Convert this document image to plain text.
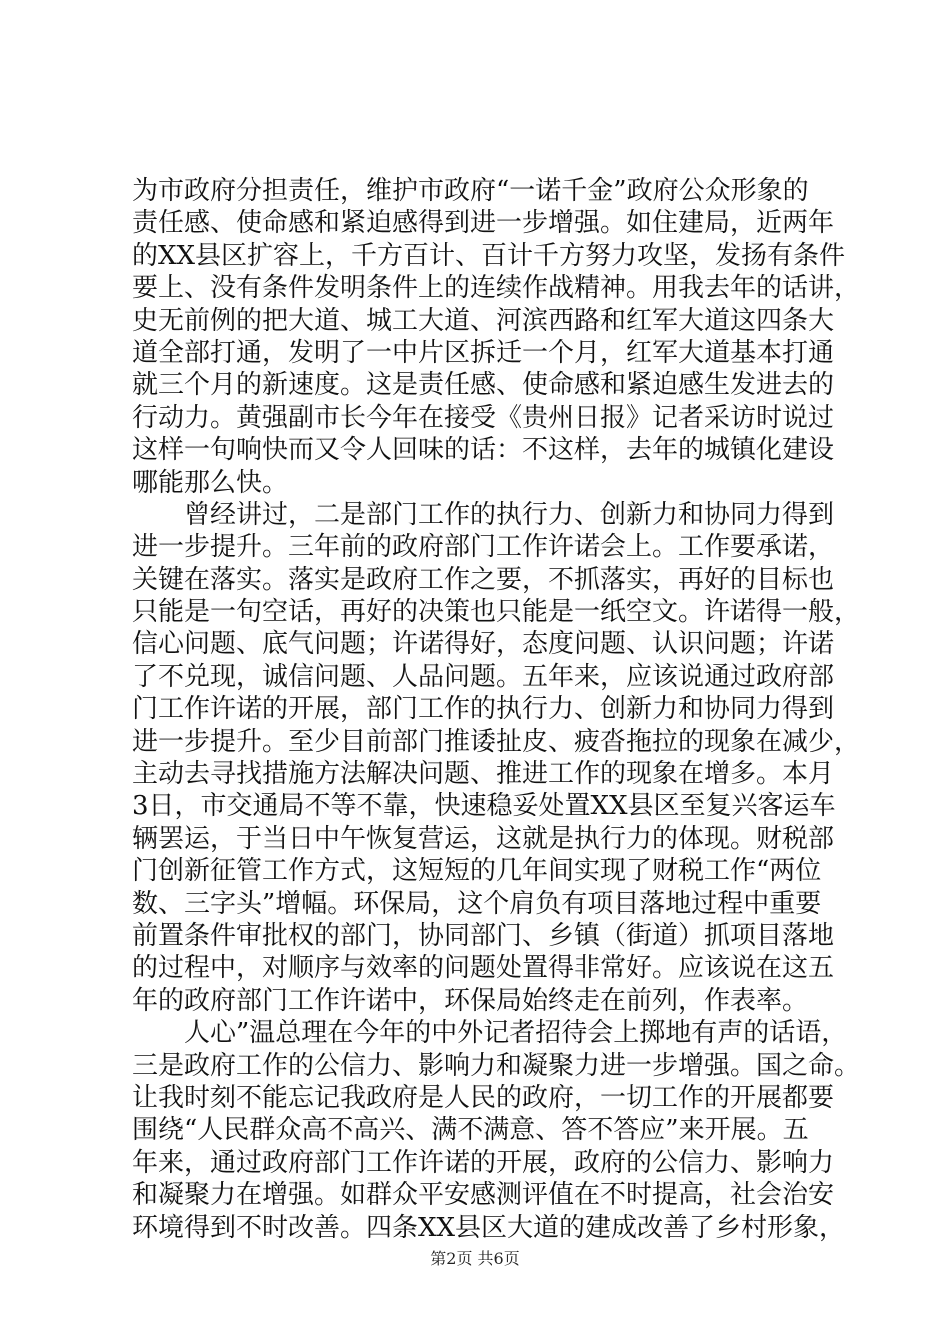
为市政府分担责任，维护市政府“一诺千金”政府公众形象的
责任感、使命感和紧迫感得到进一步增强。如住建局，近两年
的XX县区扩容上，千方百计、百计千方努力攻坚，发扬有条件
要上、没有条件发明条件上的连续作战精神。用我去年的话讲，
史无前例的把大道、城工大道、河滨西路和红军大道这四条大
道全部打通，发明了一中片区拆迁一个月，红军大道基本打通
就三个月的新速度。这是责任感、使命感和紧迫感生发进去的
行动力。黄强副市长今年在接受《贵州日报》记者采访时说过
这样一句响快而又令人回味的话：不这样，去年的城镇化建设
哪能那么快。
　　曾经讲过，二是部门工作的执行力、创新力和协同力得到
进一步提升。三年前的政府部门工作许诺会上。工作要承诺，
关键在落实。落实是政府工作之要，不抓落实，再好的目标也
只能是一句空话，再好的决策也只能是一纸空文。许诺得一般，
信心问题、底气问题；许诺得好，态度问题、认识问题；许诺
了不兑现，诚信问题、人品问题。五年来，应该说通过政府部
门工作许诺的开展，部门工作的执行力、创新力和协同力得到
进一步提升。至少目前部门推诿扯皮、疲沓拖拉的现象在减少，
主动去寻找措施方法解决问题、推进工作的现象在增多。本月
3日，市交通局不等不靠，快速稳妥处置XX县区至复兴客运车
辆罢运，于当日中午恢复营运，这就是执行力的体现。财税部
门创新征管工作方式，这短短的几年间实现了财税工作“两位
数、三字头”增幅。环保局，这个肩负有项目落地过程中重要
前置条件审批权的部门，协同部门、乡镇（街道）抓项目落地
的过程中，对顺序与效率的问题处置得非常好。应该说在这五
年的政府部门工作许诺中，环保局始终走在前列，作表率。
　　人心”温总理在今年的中外记者招待会上掷地有声的话语，
三是政府工作的公信力、影响力和凝聚力进一步增强。国之命。
让我时刻不能忘记我政府是人民的政府，一切工作的开展都要
围绕“人民群众高不高兴、满不满意、答不答应”来开展。五
年来，通过政府部门工作许诺的开展，政府的公信力、影响力
和凝聚力在增强。如群众平安感测评值在不时提高，社会治安
环境得到不时改善。四条XX县区大道的建成改善了乡村形象，
第2页 共6页
